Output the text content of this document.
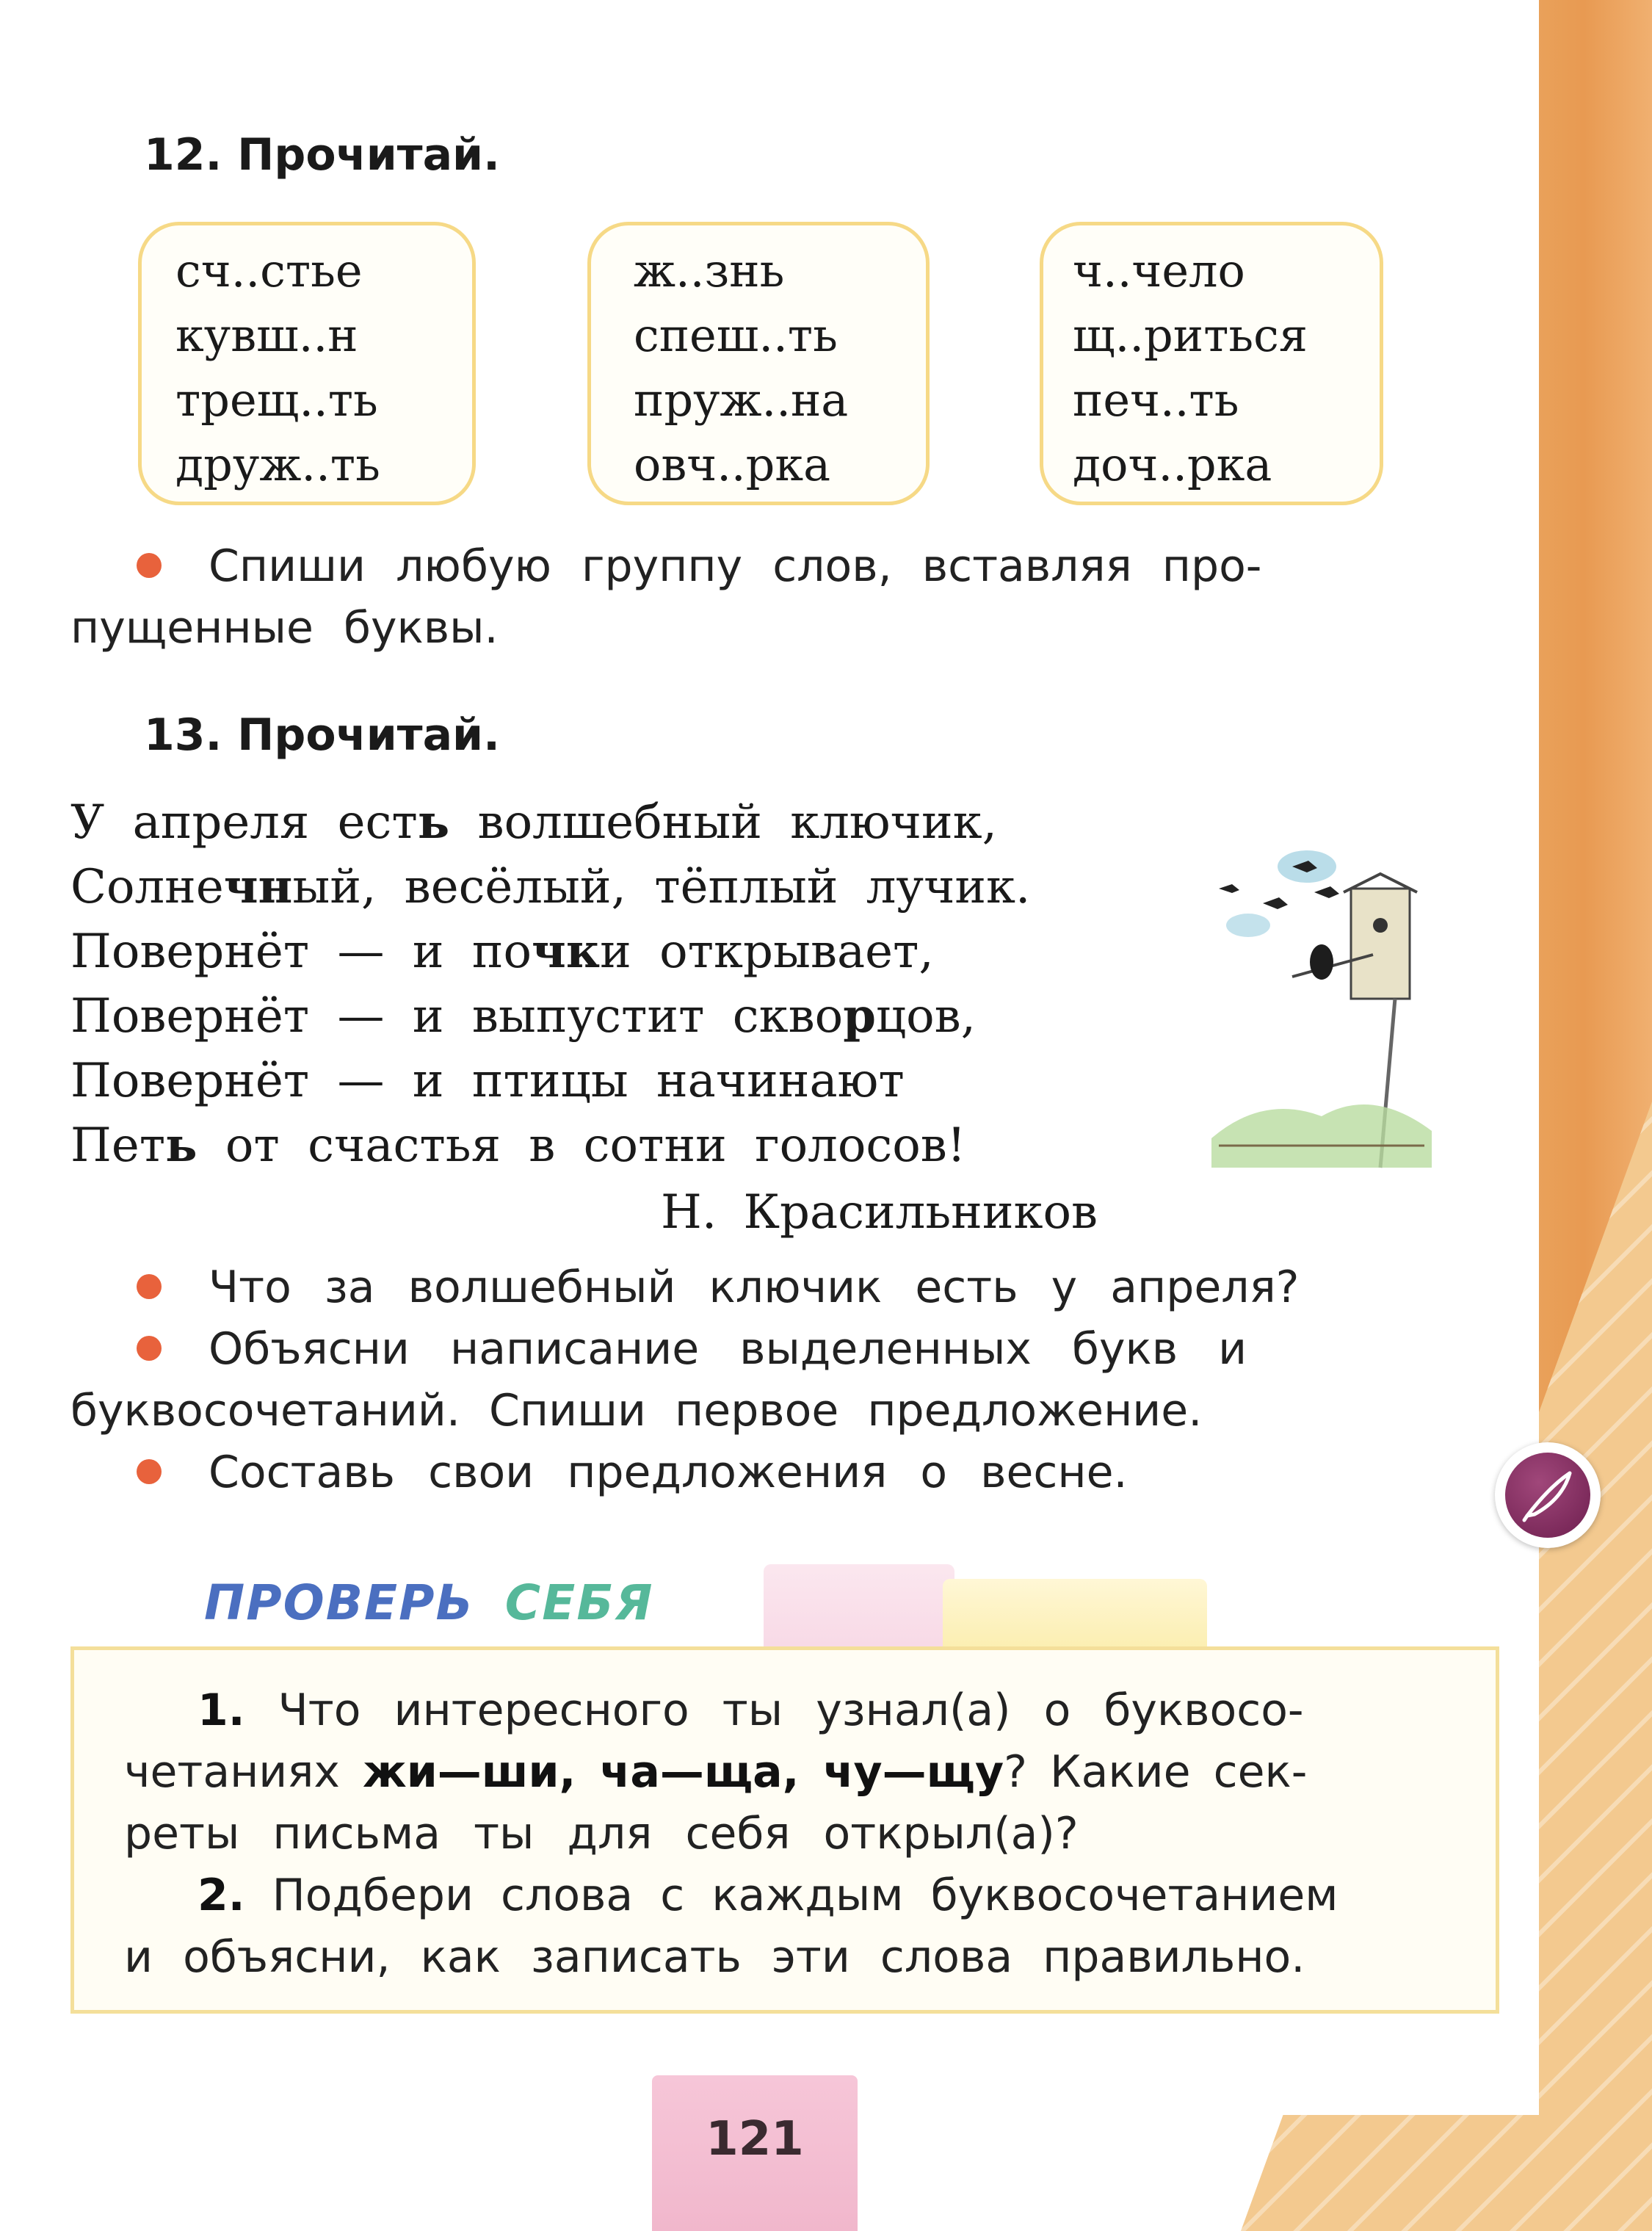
12. Прочитай.
сч..стье
кувш..н
трещ..ть
друж..ть
ж..знь
спеш..ть
пруж..на
овч..рка
ч..чело
щ..риться
печ..ть
доч..рка
Спиши любую группу слов, вставляя про-
пущенные буквы.
13. Прочитай.
У апреля есть волшебный ключик,
Солнечный, весёлый, тёплый лучик.
Повернёт — и почки открывает,
Повернёт — и выпустит скворцов,
Повернёт — и птицы начинают
Петь от счастья в сотни голосов!
Н. Красильников
Что за волшебный ключик есть у апреля?
Объясни написание выделенных букв и
буквосочетаний. Спиши первое предложение.
Составь свои предложения о весне.
ПРОВЕРЬ СЕБЯ
1. Что интересного ты узнал(а) о буквосо-
четаниях жи—ши, ча—ща, чу—щу? Какие сек-
реты письма ты для себя открыл(а)?
2. Подбери слова с каждым буквосочетанием
и объясни, как записать эти слова правильно.
121
